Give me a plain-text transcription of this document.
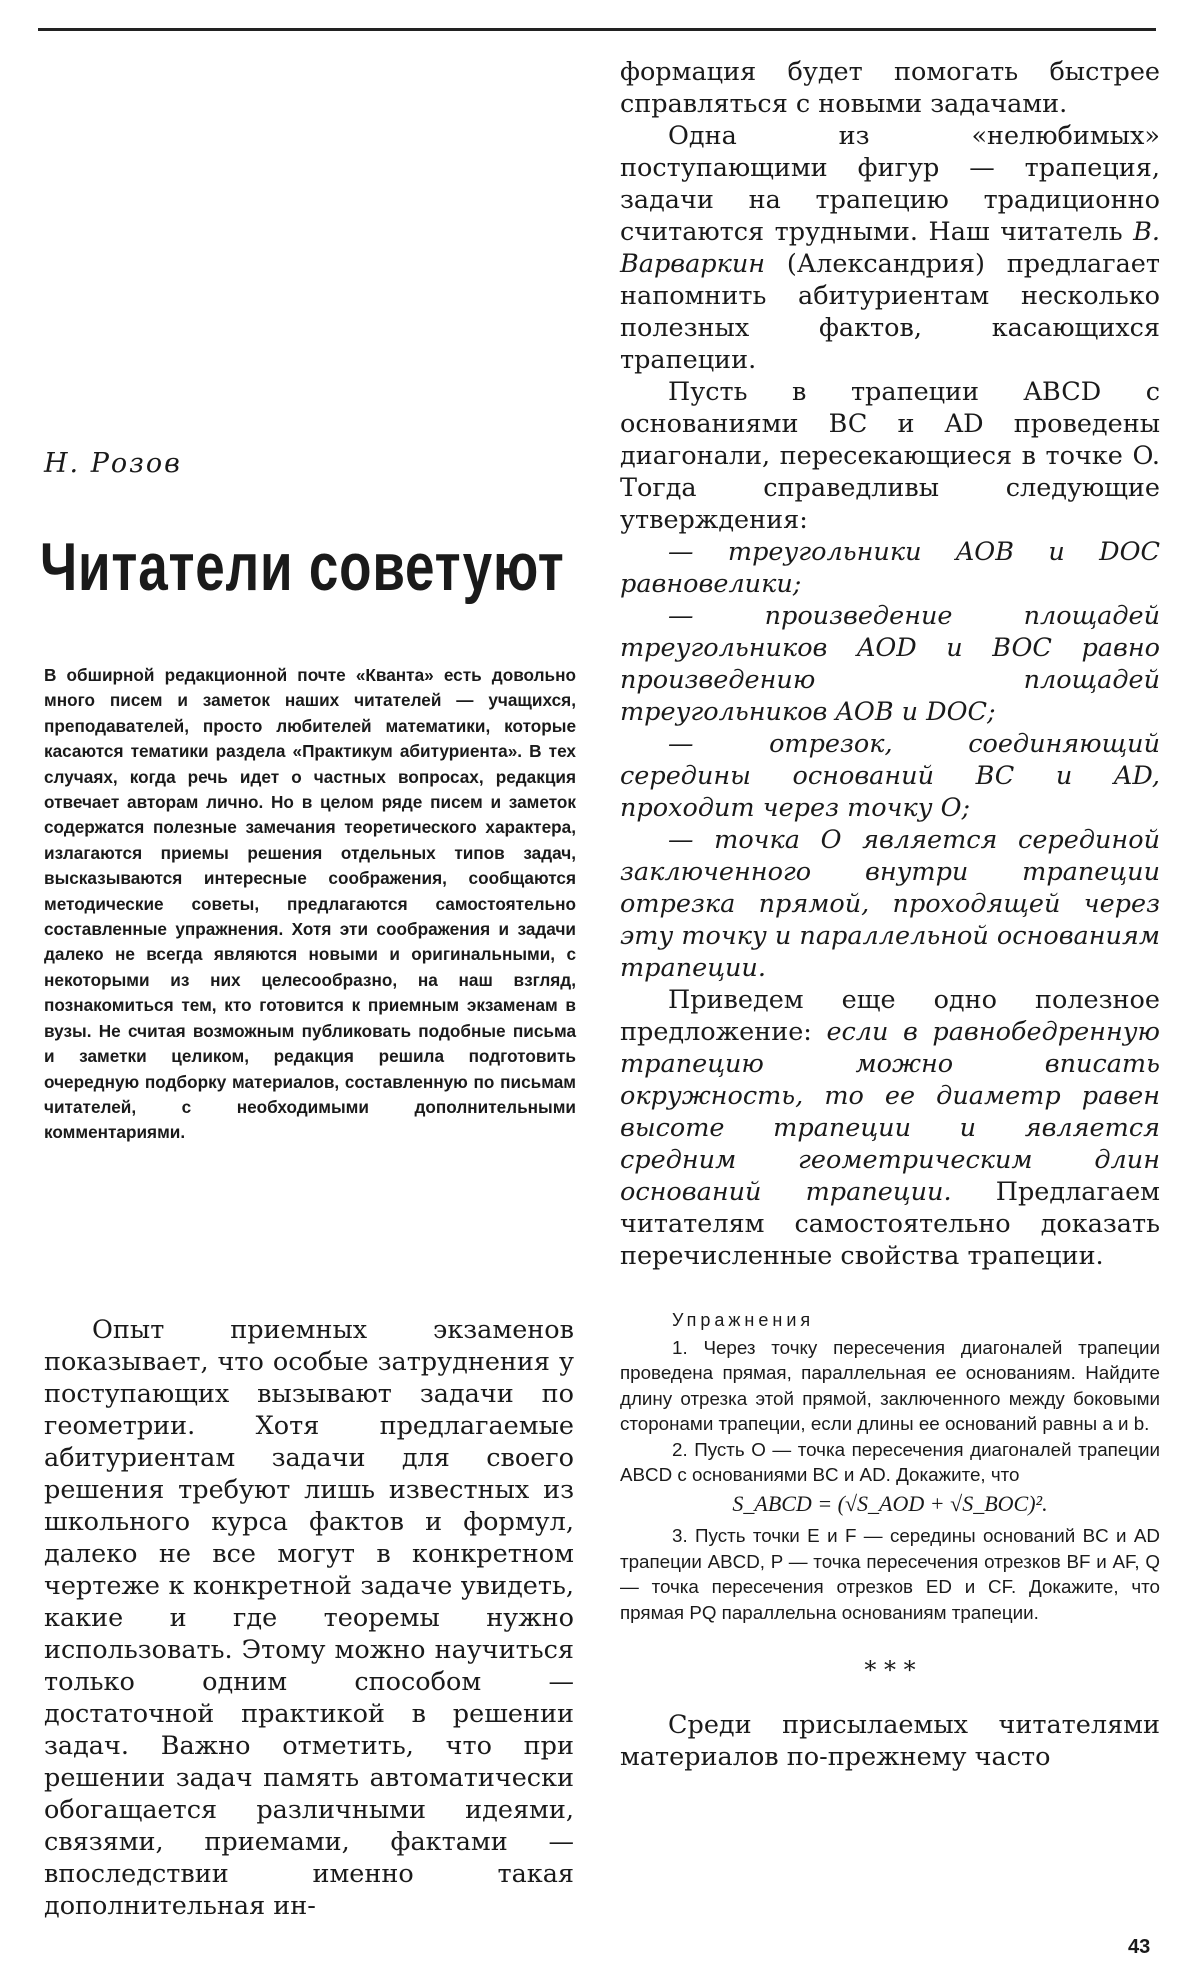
Н. Розов

Читатели советуют

В обширной редакционной почте «Кванта» есть довольно много писем и заметок наших читателей — учащихся, преподавателей, просто любителей математики, которые касаются тематики раздела «Практикум абитуриента». В тех случаях, когда речь идет о частных вопросах, редакция отвечает авторам лично. Но в целом ряде писем и заметок содержатся полезные замечания теоретического характера, излагаются приемы решения отдельных типов задач, высказываются интересные соображения, сообщаются методические советы, предлагаются самостоятельно составленные упражнения. Хотя эти соображения и задачи далеко не всегда являются новыми и оригинальными, с некоторыми из них целесообразно, на наш взгляд, познакомиться тем, кто готовится к приемным экзаменам в вузы. Не считая возможным публиковать подобные письма и заметки целиком, редакция решила подготовить очередную подборку материалов, составленную по письмам читателей, с необходимыми дополнительными комментариями.

Опыт приемных экзаменов показывает, что особые затруднения у поступающих вызывают задачи по геометрии. Хотя предлагаемые абитуриентам задачи для своего решения требуют лишь известных из школьного курса фактов и формул, далеко не все могут в конкретном чертеже к конкретной задаче увидеть, какие и где теоремы нужно использовать. Этому можно научиться только одним способом — достаточной практикой в решении задач. Важно отметить, что при решении задач память автоматически обогащается различными идеями, связями, приемами, фактами — впоследствии именно такая дополнительная ин-

формация будет помогать быстрее справляться с новыми задачами.

Одна из «нелюбимых» поступающими фигур — трапеция, задачи на трапецию традиционно считаются трудными. Наш читатель В. Варваркин (Александрия) предлагает напомнить абитуриентам несколько полезных фактов, касающихся трапеции.

Пусть в трапеции ABCD с основаниями BC и AD проведены диагонали, пересекающиеся в точке O. Тогда справедливы следующие утверждения:

— треугольники AOB и DOC равновелики;

— произведение площадей треугольников AOD и BOC равно произведению площадей треугольников AOB и DOC;

— отрезок, соединяющий середины оснований BC и AD, проходит через точку O;

— точка O является серединой заключенного внутри трапеции отрезка прямой, проходящей через эту точку и параллельной основаниям трапеции.

Приведем еще одно полезное предложение: если в равнобедренную трапецию можно вписать окружность, то ее диаметр равен высоте трапеции и является средним геометрическим длин оснований трапеции. Предлагаем читателям самостоятельно доказать перечисленные свойства трапеции.

Упражнения

1. Через точку пересечения диагоналей трапеции проведена прямая, параллельная ее основаниям. Найдите длину отрезка этой прямой, заключенного между боковыми сторонами трапеции, если длины ее оснований равны a и b.

2. Пусть O — точка пересечения диагоналей трапеции ABCD с основаниями BC и AD. Докажите, что

S_ABCD = (√S_AOD + √S_BOC)².

3. Пусть точки E и F — середины оснований BC и AD трапеции ABCD, P — точка пересечения отрезков BF и AF, Q — точка пересечения отрезков ED и CF. Докажите, что прямая PQ параллельна основаниям трапеции.

* * *

Среди присылаемых читателями материалов по-прежнему часто

43
